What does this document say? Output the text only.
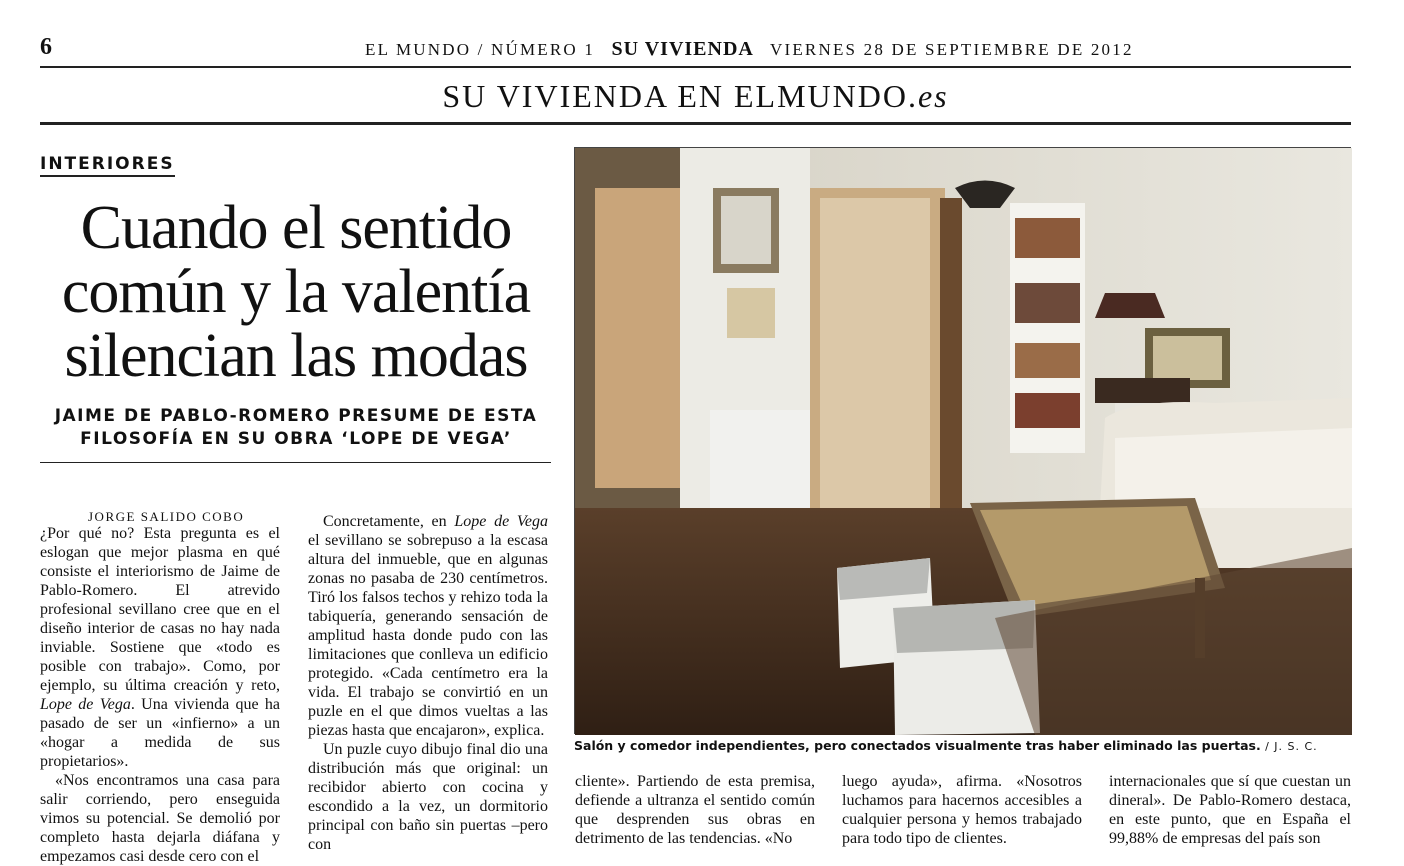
6	EL MUNDO / NÚMERO 1 SU VIVIENDA VIERNES 28 DE SEPTIEMBRE DE 2012
SU VIVIENDA EN ELMUNDO.es
INTERIORES
Cuando el sentido común y la valentía silencian las modas
JAIME DE PABLO-ROMERO PRESUME DE ESTA FILOSOFÍA EN SU OBRA ‘LOPE DE VEGA’
JORGE SALIDO COBO

¿Por qué no? Esta pregunta es el eslogan que mejor plasma en qué consiste el interiorismo de Jaime de Pablo-Romero. El atrevido profesional sevillano cree que en el diseño interior de casas no hay nada inviable. Sostiene que «todo es posible con trabajo». Como, por ejemplo, su última creación y reto, Lope de Vega. Una vivienda que ha pasado de ser un «infierno» a un «hogar a medida de sus propietarios».

«Nos encontramos una casa para salir corriendo, pero enseguida vimos su potencial. Se demolió por completo hasta dejarla diáfana y empezamos casi desde cero con el

Concretamente, en Lope de Vega el sevillano se sobrepuso a la escasa altura del inmueble, que en algunas zonas no pasaba de 230 centímetros. Tiró los falsos techos y rehizo toda la tabiquería, generando sensación de amplitud hasta donde pudo con las limitaciones que conlleva un edificio protegido. «Cada centímetro era la vida. El trabajo se convirtió en un puzle en el que dimos vueltas a las piezas hasta que encajaron», explica.

Un puzle cuyo dibujo final dio una distribución más que original: un recibidor abierto con cocina y escondido a la vez, un dormitorio principal con baño sin puertas –pero con

cliente». Partiendo de esta premisa, defiende a ultranza el sentido común que desprenden sus obras en detrimento de las tendencias. «No
luego ayuda», afirma. «Nosotros luchamos para hacernos accesibles a cualquier persona y hemos trabajado para todo tipo de clientes.
internacionales que sí que cuestan un dineral». De Pablo-Romero destaca, en este punto, que en España el 99,88% de empresas del país son
Salón y comedor independientes, pero conectados visualmente tras haber eliminado las puertas. / J. S. C.
